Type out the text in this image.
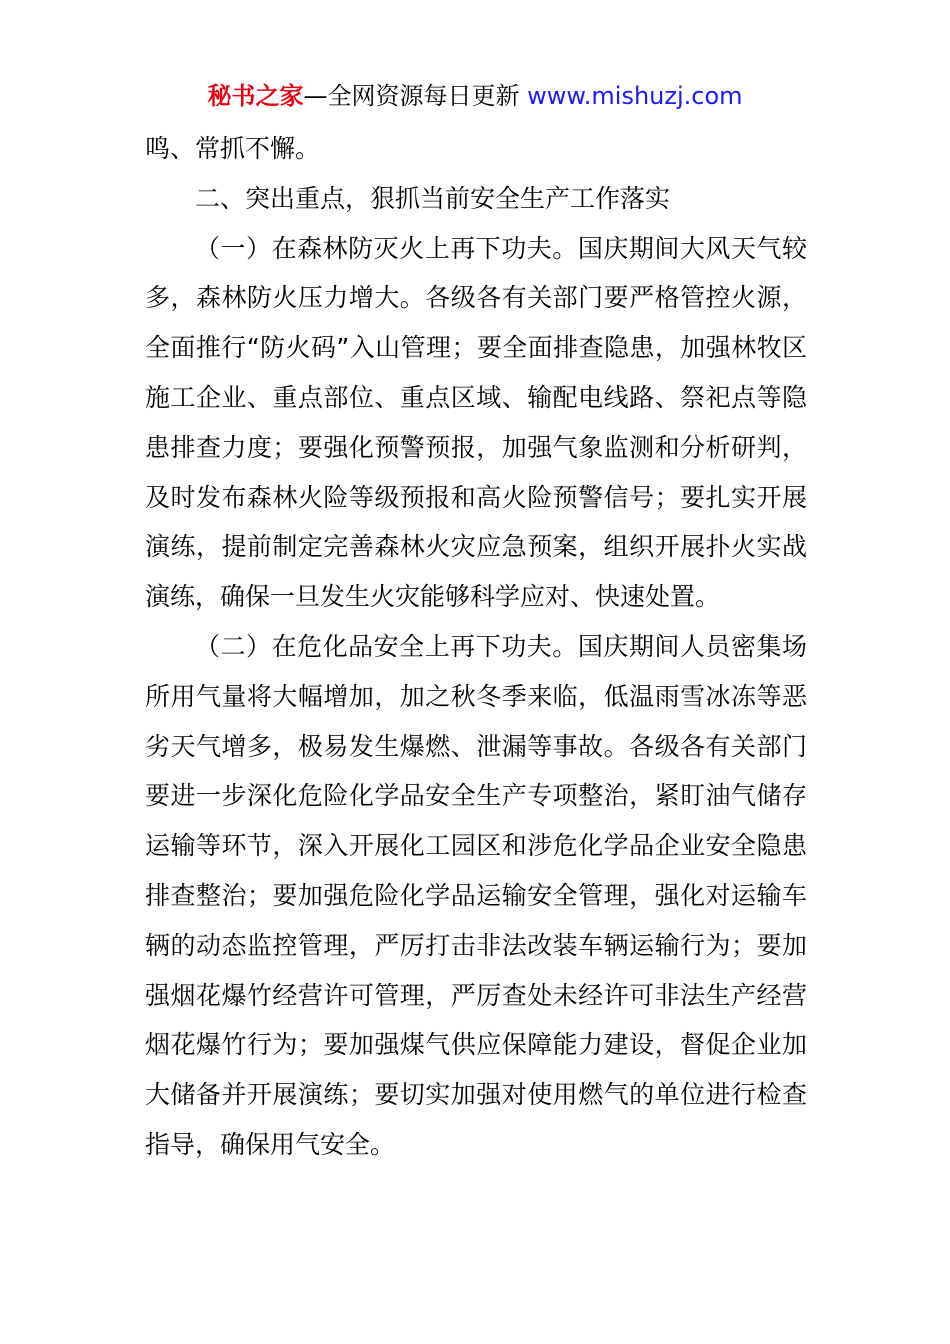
秘书之家—全网资源每日更新 www.mishuzj.com

鸣、常抓不懈。

二、突出重点，狠抓当前安全生产工作落实

（一）在森林防灭火上再下功夫。国庆期间大风天气较多，森林防火压力增大。各级各有关部门要严格管控火源，全面推行“防火码”入山管理；要全面排查隐患，加强林牧区施工企业、重点部位、重点区域、输配电线路、祭祀点等隐患排查力度；要强化预警预报，加强气象监测和分析研判，及时发布森林火险等级预报和高火险预警信号；要扎实开展演练，提前制定完善森林火灾应急预案，组织开展扑火实战演练，确保一旦发生火灾能够科学应对、快速处置。

（二）在危化品安全上再下功夫。国庆期间人员密集场所用气量将大幅增加，加之秋冬季来临，低温雨雪冰冻等恶劣天气增多，极易发生爆燃、泄漏等事故。各级各有关部门要进一步深化危险化学品安全生产专项整治，紧盯油气储存运输等环节，深入开展化工园区和涉危化学品企业安全隐患排查整治；要加强危险化学品运输安全管理，强化对运输车辆的动态监控管理，严厉打击非法改装车辆运输行为；要加强烟花爆竹经营许可管理，严厉查处未经许可非法生产经营烟花爆竹行为；要加强煤气供应保障能力建设，督促企业加大储备并开展演练；要切实加强对使用燃气的单位进行检查指导，确保用气安全。
